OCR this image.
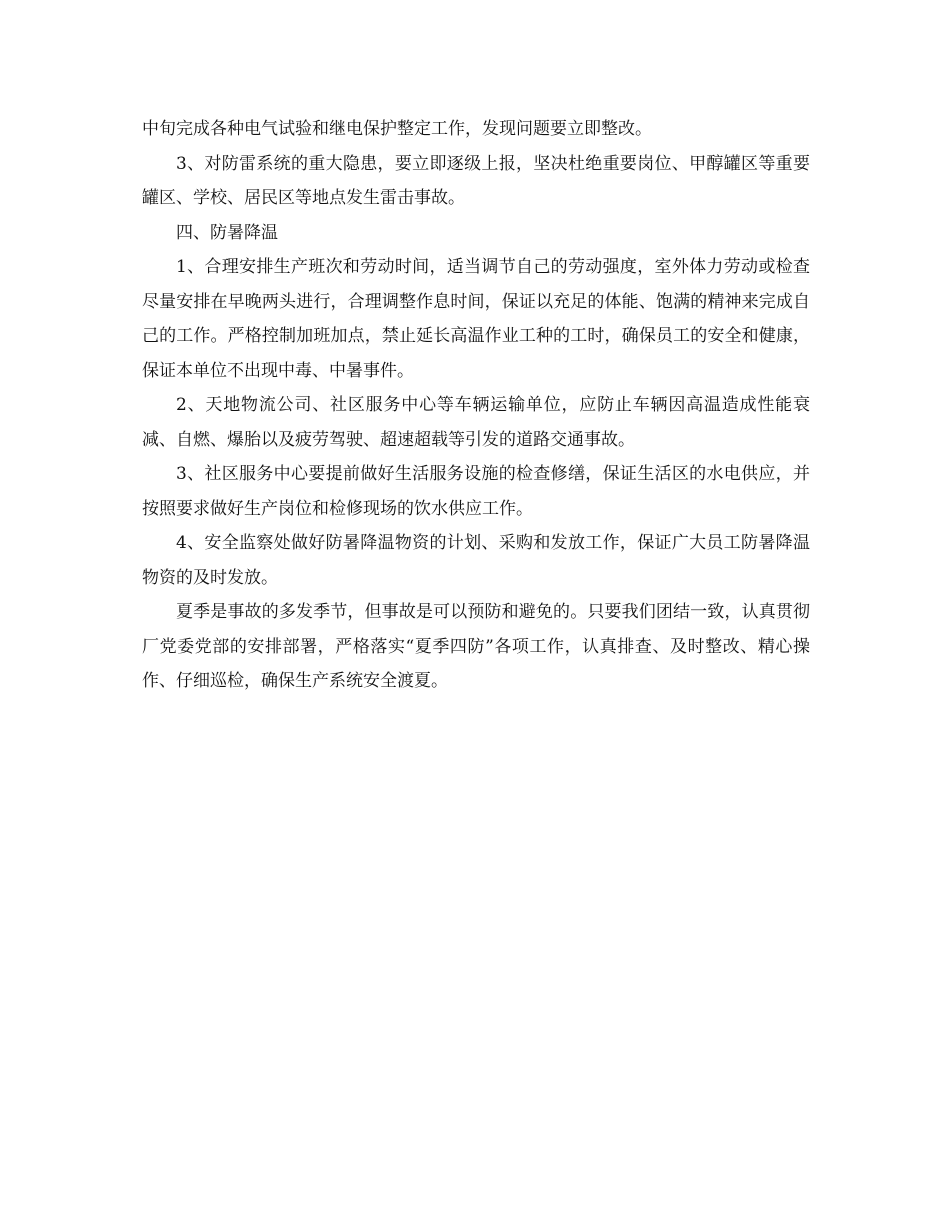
中旬完成各种电气试验和继电保护整定工作，发现问题要立即整改。

3、对防雷系统的重大隐患，要立即逐级上报，坚决杜绝重要岗位、甲醇罐区等重要罐区、学校、居民区等地点发生雷击事故。

四、防暑降温

1、合理安排生产班次和劳动时间，适当调节自己的劳动强度，室外体力劳动或检查尽量安排在早晚两头进行，合理调整作息时间，保证以充足的体能、饱满的精神来完成自己的工作。严格控制加班加点，禁止延长高温作业工种的工时，确保员工的安全和健康，保证本单位不出现中毒、中暑事件。

2、天地物流公司、社区服务中心等车辆运输单位，应防止车辆因高温造成性能衰减、自燃、爆胎以及疲劳驾驶、超速超载等引发的道路交通事故。

3、社区服务中心要提前做好生活服务设施的检查修缮，保证生活区的水电供应，并按照要求做好生产岗位和检修现场的饮水供应工作。

4、安全监察处做好防暑降温物资的计划、采购和发放工作，保证广大员工防暑降温物资的及时发放。

夏季是事故的多发季节，但事故是可以预防和避免的。只要我们团结一致，认真贯彻厂党委党部的安排部署，严格落实“夏季四防”各项工作，认真排查、及时整改、精心操作、仔细巡检，确保生产系统安全渡夏。
